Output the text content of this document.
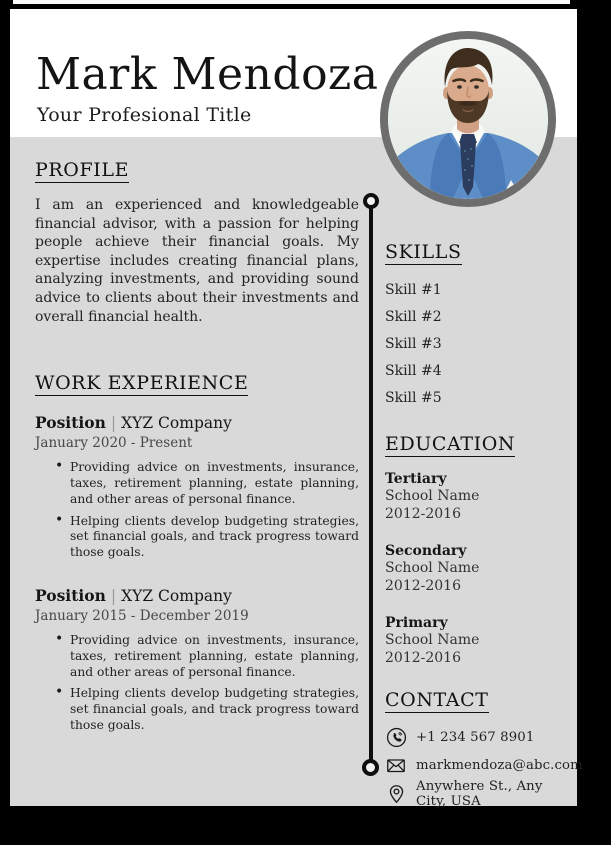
Mark Mendoza
Your Profesional Title
PROFILE
I am an experienced and knowledgeable financial advisor, with a passion for helping people achieve their financial goals. My expertise includes creating financial plans, analyzing investments, and providing sound advice to clients about their investments and overall financial health.
WORK EXPERIENCE
Position | XYZ Company
January 2020 - Present
• Providing advice on investments, insurance, taxes, retirement planning, estate planning, and other areas of personal finance.
• Helping clients develop budgeting strategies, set financial goals, and track progress toward those goals.
Position | XYZ Company
January 2015 - December 2019
• Providing advice on investments, insurance, taxes, retirement planning, estate planning, and other areas of personal finance.
• Helping clients develop budgeting strategies, set financial goals, and track progress toward those goals.
SKILLS
Skill #1
Skill #2
Skill #3
Skill #4
Skill #5
EDUCATION
Tertiary
School Name
2012-2016
Secondary
School Name
2012-2016
Primary
School Name
2012-2016
CONTACT
+1 234 567 8901
markmendoza@abc.com
Anywhere St., Any City, USA
